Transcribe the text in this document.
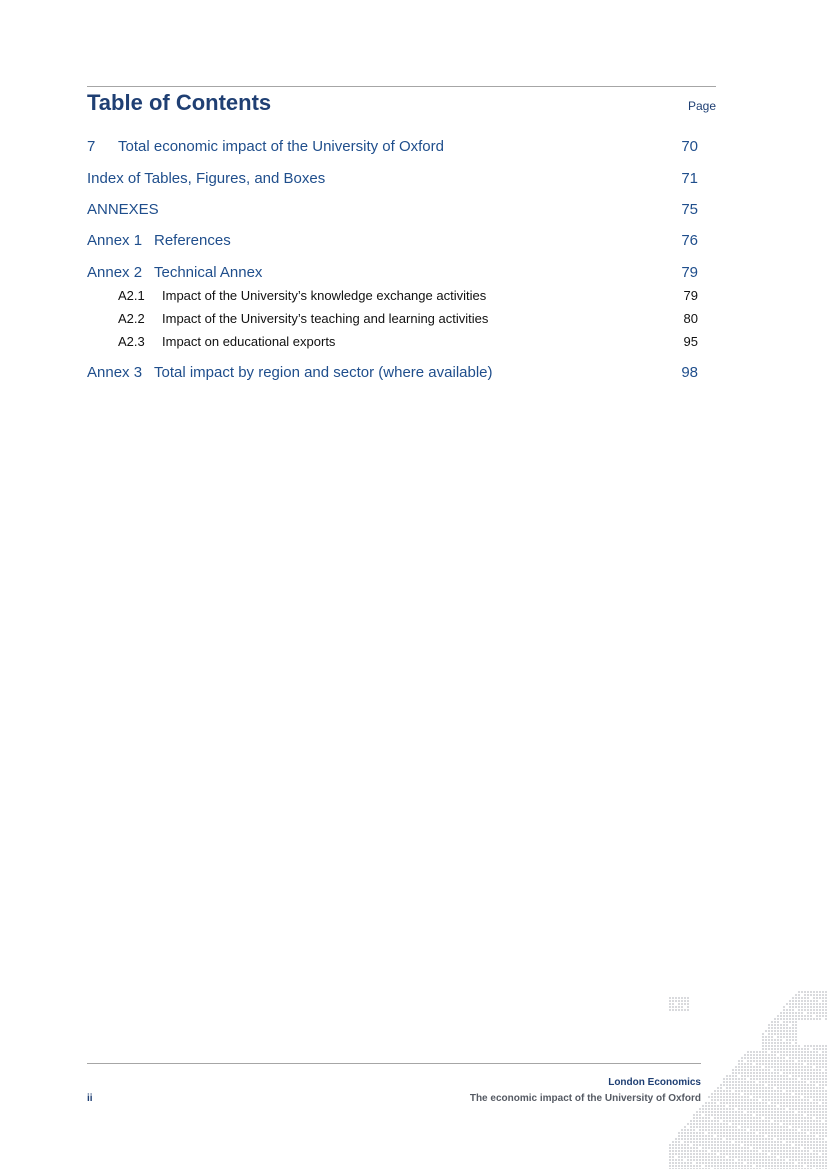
Table of Contents	Page
7 Total economic impact of the University of Oxford	70
Index of Tables, Figures, and Boxes	71
ANNEXES	75
Annex 1 References	76
Annex 2 Technical Annex	79
A2.1 Impact of the University’s knowledge exchange activities	79
A2.2 Impact of the University’s teaching and learning activities	80
A2.3 Impact on educational exports	95
Annex 3 Total impact by region and sector (where available)	98
London Economics
The economic impact of the University of Oxford
ii
